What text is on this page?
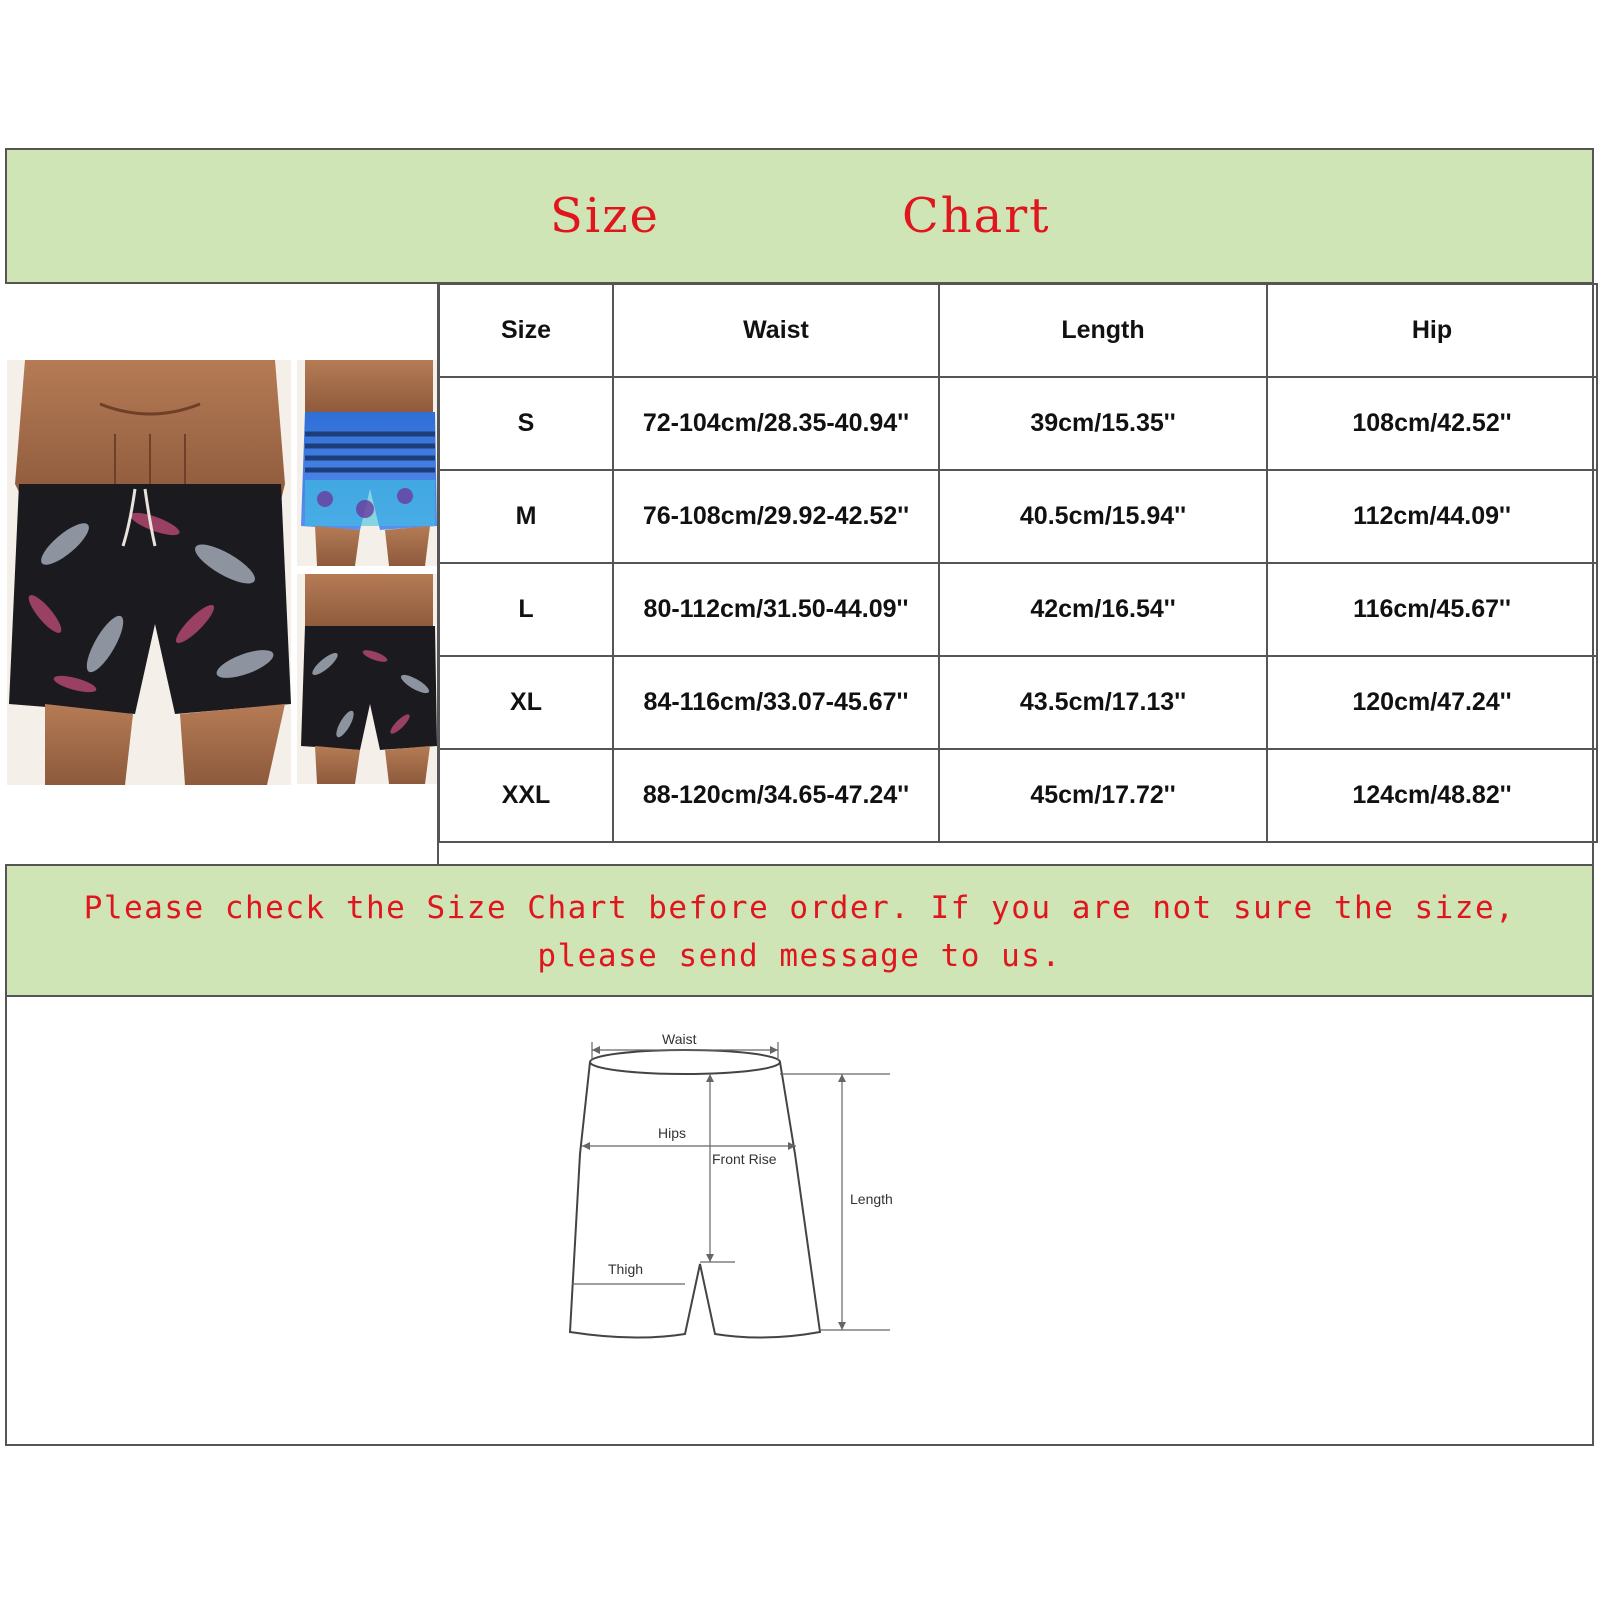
Size	Chart
Size	Waist	Length	Hip
S	72-104cm/28.35-40.94''	39cm/15.35''	108cm/42.52''
M	76-108cm/29.92-42.52''	40.5cm/15.94''	112cm/44.09''
L	80-112cm/31.50-44.09''	42cm/16.54''	116cm/45.67''
XL	84-116cm/33.07-45.67''	43.5cm/17.13''	120cm/47.24''
XXL	88-120cm/34.65-47.24''	45cm/17.72''	124cm/48.82''
Please check the Size Chart before order. If you are not sure the size,
please send message to us.
Waist
Hips
Front Rise
Length
Thigh
